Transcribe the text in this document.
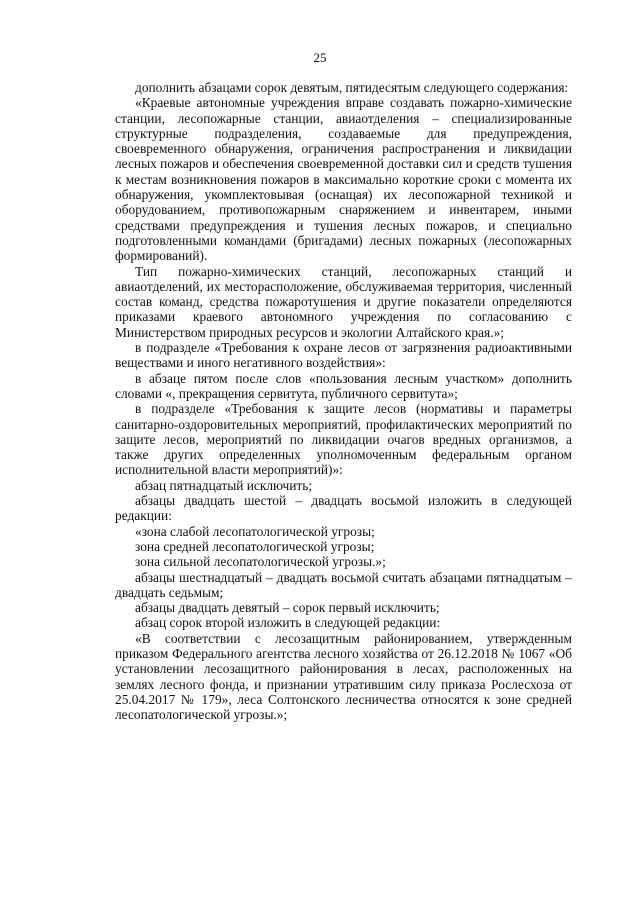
25

дополнить абзацами сорок девятым, пятидесятым следующего содержания:

«Краевые автономные учреждения вправе создавать пожарно-химические станции, лесопожарные станции, авиаотделения – специализированные структурные подразделения, создаваемые для предупреждения, своевременного обнаружения, ограничения распространения и ликвидации лесных пожаров и обеспечения своевременной доставки сил и средств тушения к местам возникновения пожаров в максимально короткие сроки с момента их обнаружения, укомплектовывая (оснащая) их лесопожарной техникой и оборудованием, противопожарным снаряжением и инвентарем, иными средствами предупреждения и тушения лесных пожаров, и специально подготовленными командами (бригадами) лесных пожарных (лесопожарных формирований).

Тип пожарно-химических станций, лесопожарных станций и авиаотделений, их месторасположение, обслуживаемая территория, численный состав команд, средства пожаротушения и другие показатели определяются приказами краевого автономного учреждения по согласованию с Министерством природных ресурсов и экологии Алтайского края.»;

в подразделе «Требования к охране лесов от загрязнения радиоактивными веществами и иного негативного воздействия»:

в абзаце пятом после слов «пользования лесным участком» дополнить словами «, прекращения сервитута, публичного сервитута»;

в подразделе «Требования к защите лесов (нормативы и параметры санитарно-оздоровительных мероприятий, профилактических мероприятий по защите лесов, мероприятий по ликвидации очагов вредных организмов, а также других определенных уполномоченным федеральным органом исполнительной власти мероприятий)»:

абзац пятнадцатый исключить;

абзацы двадцать шестой – двадцать восьмой изложить в следующей редакции:

«зона слабой лесопатологической угрозы;

зона средней лесопатологической угрозы;

зона сильной лесопатологической угрозы.»;

абзацы шестнадцатый – двадцать восьмой считать абзацами пятнадцатым – двадцать седьмым;

абзацы двадцать девятый – сорок первый исключить;

абзац сорок второй изложить в следующей редакции:

«В соответствии с лесозащитным районированием, утвержденным приказом Федерального агентства лесного хозяйства от 26.12.2018 № 1067 «Об установлении лесозащитного районирования в лесах, расположенных на землях лесного фонда, и признании утратившим силу приказа Рослесхоза от 25.04.2017 № 179», леса Солтонского лесничества относятся к зоне средней лесопатологической угрозы.»;
